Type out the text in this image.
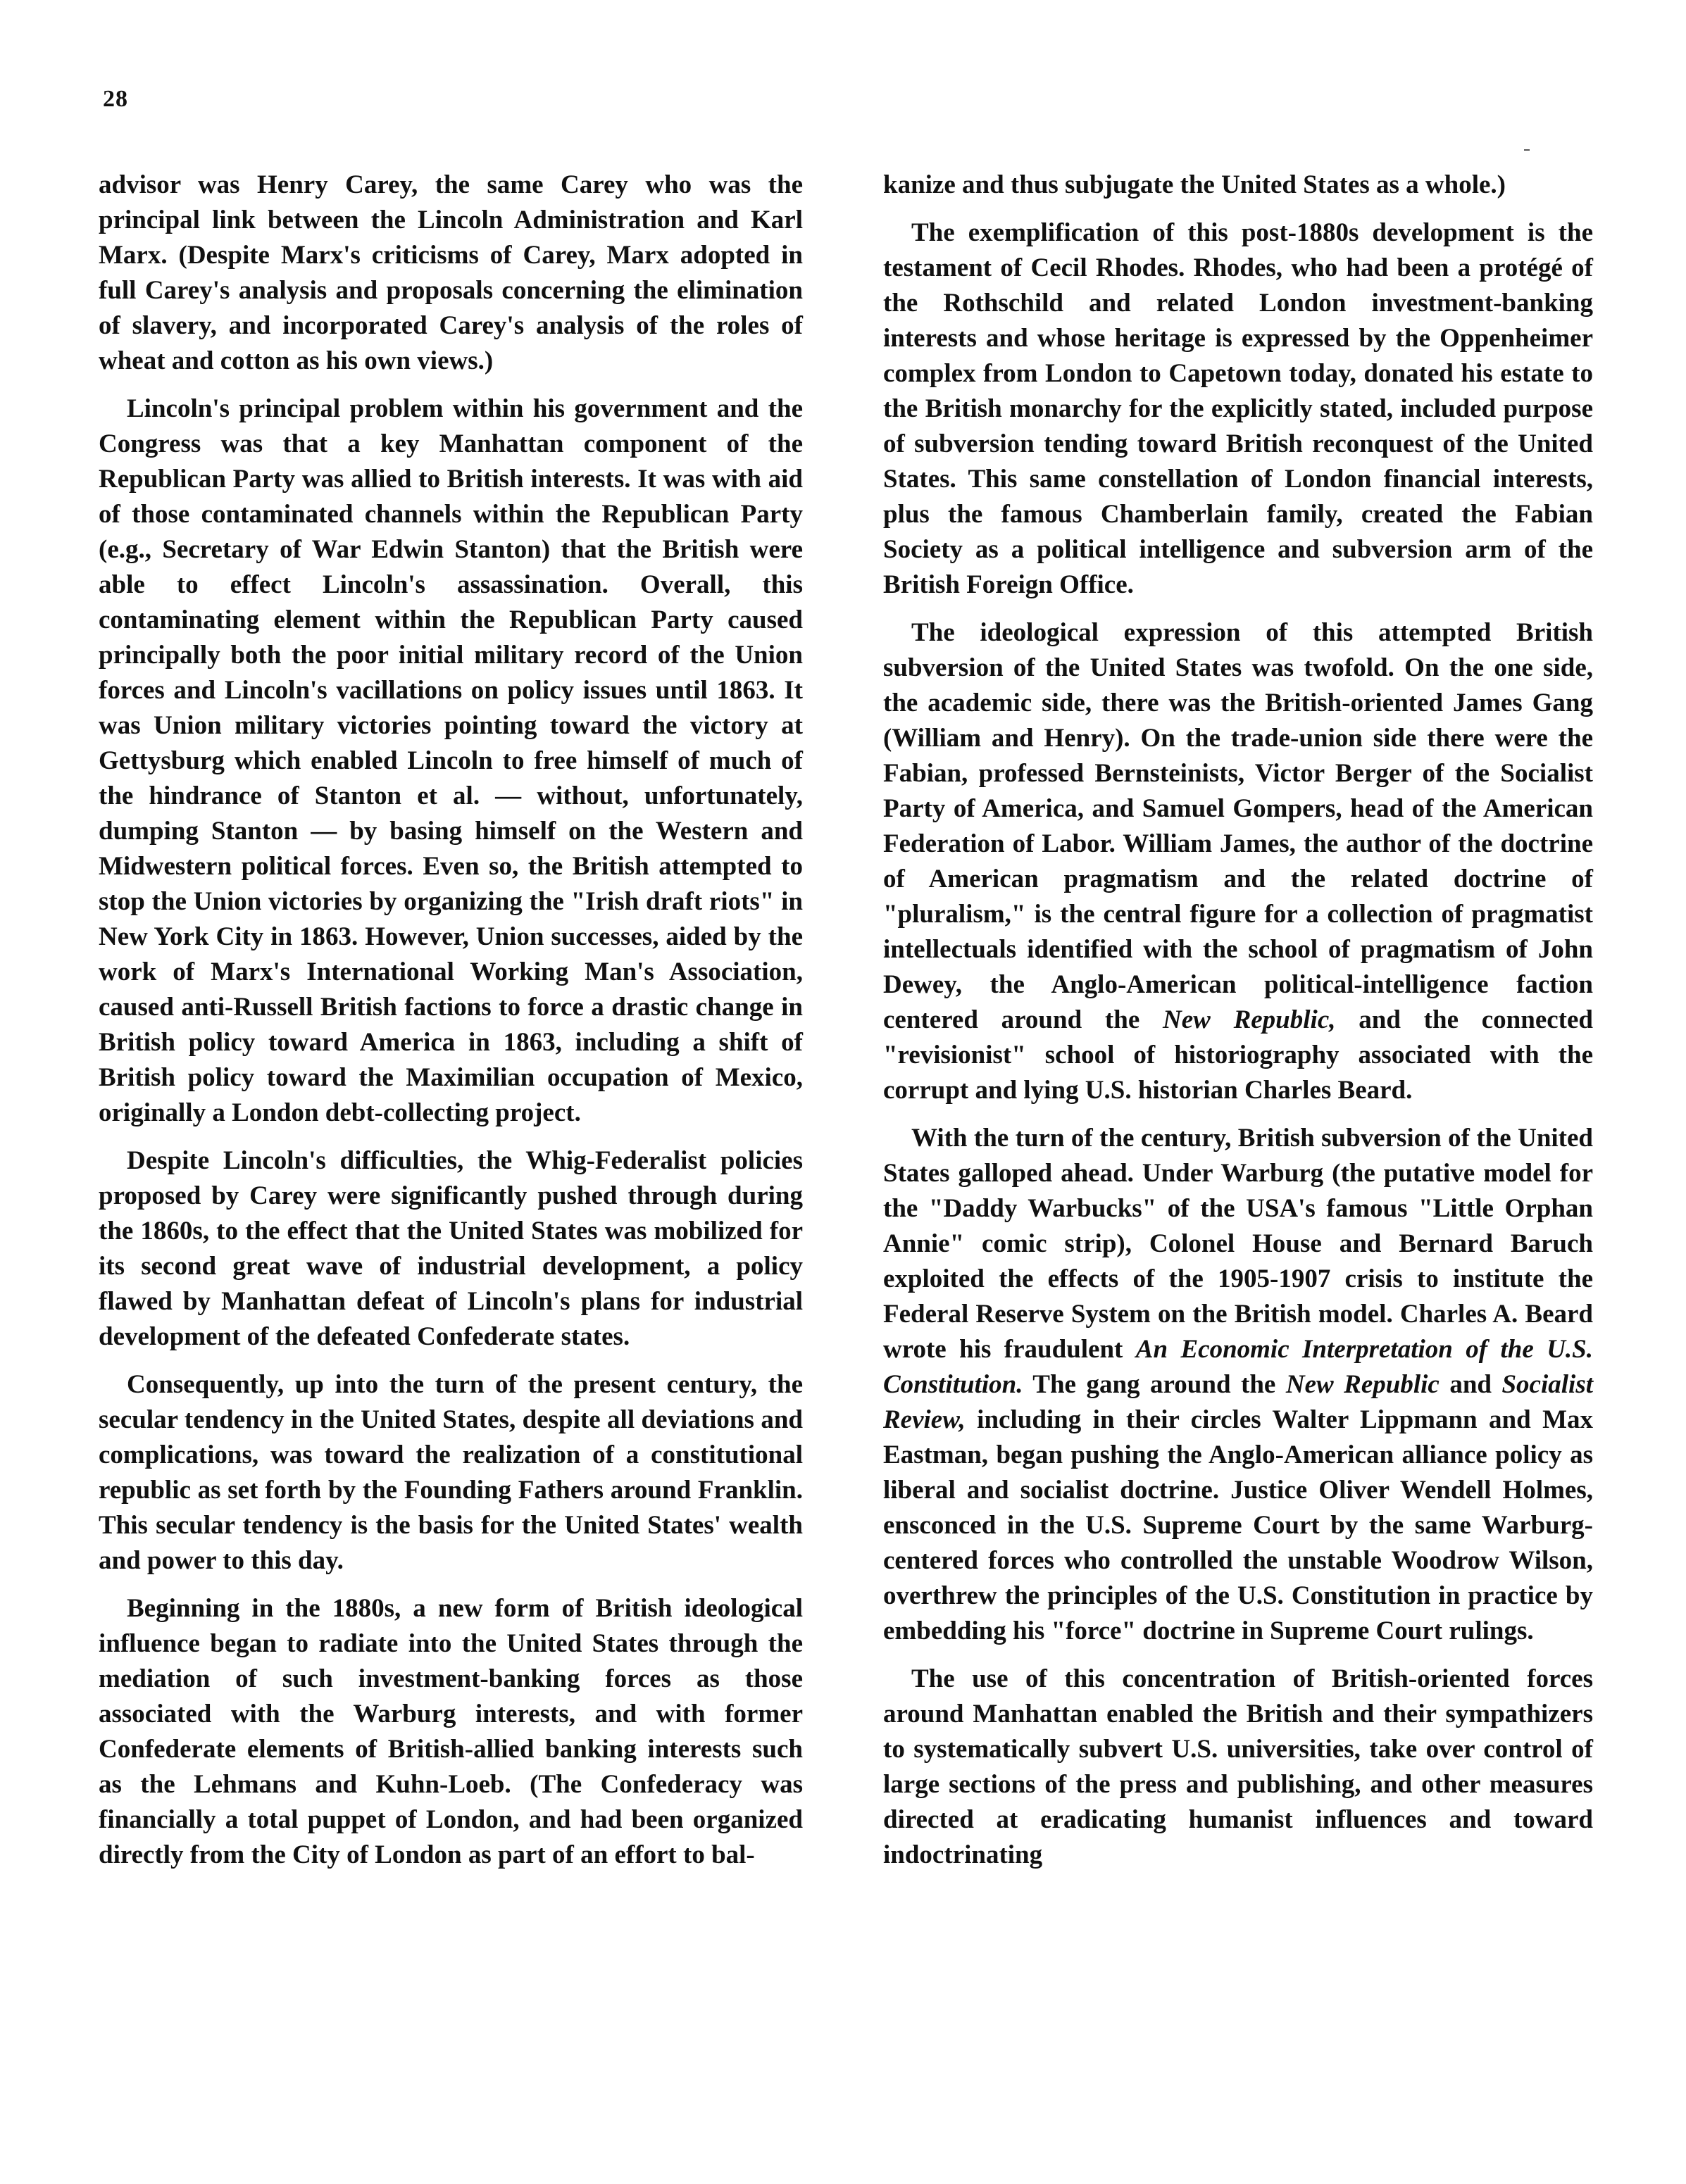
28

advisor was Henry Carey, the same Carey who was the principal link between the Lincoln Administration and Karl Marx. (Despite Marx's criticisms of Carey, Marx adopted in full Carey's analysis and proposals concerning the elimination of slavery, and incorporated Carey's analysis of the roles of wheat and cotton as his own views.)

Lincoln's principal problem within his government and the Congress was that a key Manhattan component of the Republican Party was allied to British interests. It was with aid of those contaminated channels within the Republican Party (e.g., Secretary of War Edwin Stanton) that the British were able to effect Lincoln's assassination. Overall, this contaminating element within the Republican Party caused principally both the poor initial military record of the Union forces and Lincoln's vacillations on policy issues until 1863. It was Union military victories pointing toward the victory at Gettysburg which enabled Lincoln to free himself of much of the hindrance of Stanton et al. — without, unfortunately, dumping Stanton — by basing himself on the Western and Midwestern political forces. Even so, the British attempted to stop the Union victories by organizing the "Irish draft riots" in New York City in 1863. However, Union successes, aided by the work of Marx's International Working Man's Association, caused anti-Russell British factions to force a drastic change in British policy toward America in 1863, including a shift of British policy toward the Maximilian occupation of Mexico, originally a London debt-collecting project.

Despite Lincoln's difficulties, the Whig-Federalist policies proposed by Carey were significantly pushed through during the 1860s, to the effect that the United States was mobilized for its second great wave of industrial development, a policy flawed by Manhattan defeat of Lincoln's plans for industrial development of the defeated Confederate states.

Consequently, up into the turn of the present century, the secular tendency in the United States, despite all deviations and complications, was toward the realization of a constitutional republic as set forth by the Founding Fathers around Franklin. This secular tendency is the basis for the United States' wealth and power to this day.

Beginning in the 1880s, a new form of British ideological influence began to radiate into the United States through the mediation of such investment-banking forces as those associated with the Warburg interests, and with former Confederate elements of British-allied banking interests such as the Lehmans and Kuhn-Loeb. (The Confederacy was financially a total puppet of London, and had been organized directly from the City of London as part of an effort to bal-

kanize and thus subjugate the United States as a whole.)

The exemplification of this post-1880s development is the testament of Cecil Rhodes. Rhodes, who had been a protégé of the Rothschild and related London investment-banking interests and whose heritage is expressed by the Oppenheimer complex from London to Capetown today, donated his estate to the British monarchy for the explicitly stated, included purpose of subversion tending toward British reconquest of the United States. This same constellation of London financial interests, plus the famous Chamberlain family, created the Fabian Society as a political intelligence and subversion arm of the British Foreign Office.

The ideological expression of this attempted British subversion of the United States was twofold. On the one side, the academic side, there was the British-oriented James Gang (William and Henry). On the trade-union side there were the Fabian, professed Bernsteinists, Victor Berger of the Socialist Party of America, and Samuel Gompers, head of the American Federation of Labor. William James, the author of the doctrine of American pragmatism and the related doctrine of "pluralism," is the central figure for a collection of pragmatist intellectuals identified with the school of pragmatism of John Dewey, the Anglo-American political-intelligence faction centered around the New Republic, and the connected "revisionist" school of historiography associated with the corrupt and lying U.S. historian Charles Beard.

With the turn of the century, British subversion of the United States galloped ahead. Under Warburg (the putative model for the "Daddy Warbucks" of the USA's famous "Little Orphan Annie" comic strip), Colonel House and Bernard Baruch exploited the effects of the 1905-1907 crisis to institute the Federal Reserve System on the British model. Charles A. Beard wrote his fraudulent An Economic Interpretation of the U.S. Constitution. The gang around the New Republic and Socialist Review, including in their circles Walter Lippmann and Max Eastman, began pushing the Anglo-American alliance policy as liberal and socialist doctrine. Justice Oliver Wendell Holmes, ensconced in the U.S. Supreme Court by the same Warburg-centered forces who controlled the unstable Woodrow Wilson, overthrew the principles of the U.S. Constitution in practice by embedding his "force" doctrine in Supreme Court rulings.

The use of this concentration of British-oriented forces around Manhattan enabled the British and their sympathizers to systematically subvert U.S. universities, take over control of large sections of the press and publishing, and other measures directed at eradicating humanist influences and toward indoctrinating
